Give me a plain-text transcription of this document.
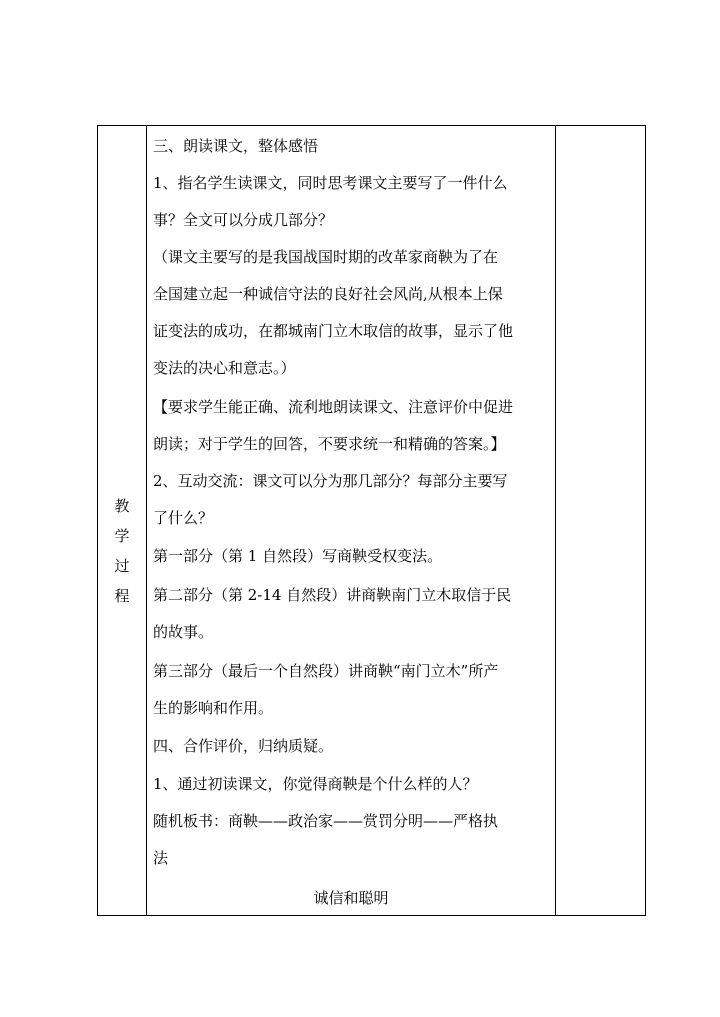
教
学
过
程
三、朗读课文，整体感悟
1、指名学生读课文，同时思考课文主要写了一件什么
事？全文可以分成几部分？
（课文主要写的是我国战国时期的改革家商鞅为了在
全国建立起一种诚信守法的良好社会风尚,从根本上保
证变法的成功，在都城南门立木取信的故事，显示了他
变法的决心和意志。）
【要求学生能正确、流利地朗读课文、注意评价中促进
朗读；对于学生的回答，不要求统一和精确的答案。】
2、互动交流：课文可以分为那几部分？每部分主要写
了什么？
第一部分（第 1 自然段）写商鞅受权变法。
第二部分（第 2-14 自然段）讲商鞅南门立木取信于民
的故事。
第三部分（最后一个自然段）讲商鞅“南门立木”所产
生的影响和作用。
四、合作评价，归纳质疑。
1、通过初读课文，你觉得商鞅是个什么样的人？
随机板书：商鞅——政治家——赏罚分明——严格执
法
诚信和聪明
